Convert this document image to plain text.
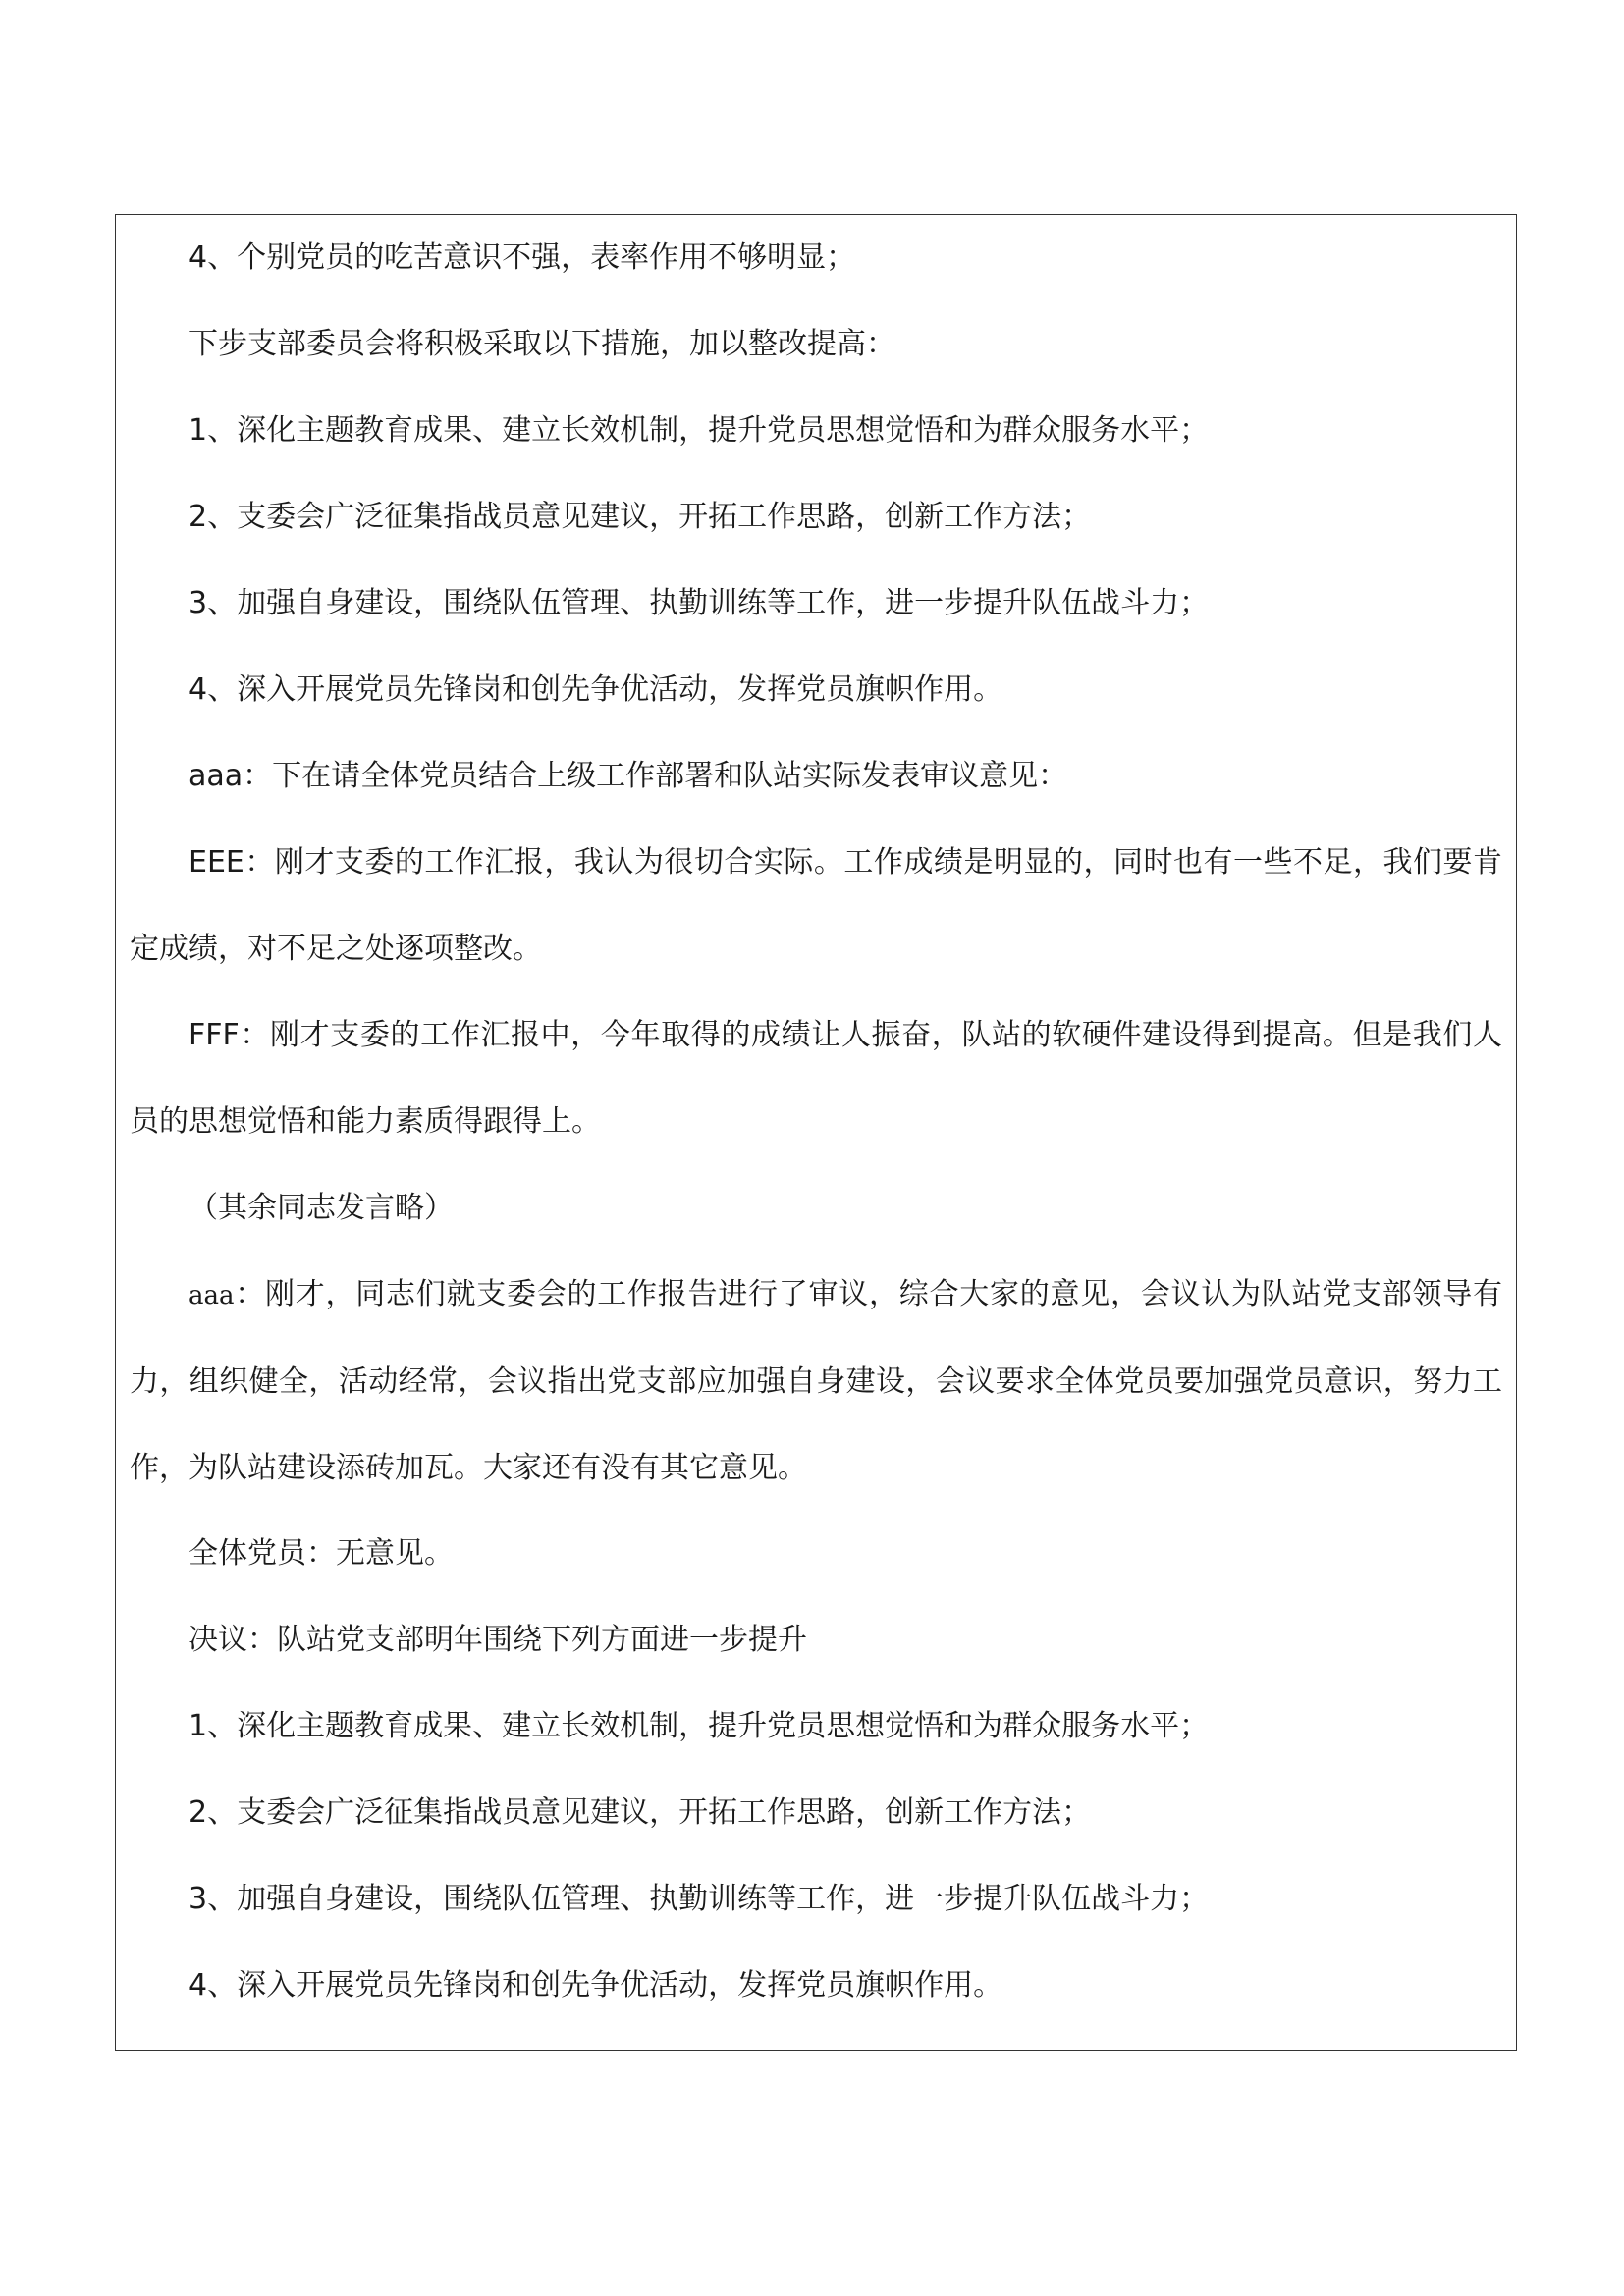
4、个别党员的吃苦意识不强，表率作用不够明显；

下步支部委员会将积极采取以下措施，加以整改提高：

1、深化主题教育成果、建立长效机制，提升党员思想觉悟和为群众服务水平；

2、支委会广泛征集指战员意见建议，开拓工作思路，创新工作方法；

3、加强自身建设，围绕队伍管理、执勤训练等工作，进一步提升队伍战斗力；

4、深入开展党员先锋岗和创先争优活动，发挥党员旗帜作用。

aaa：下在请全体党员结合上级工作部署和队站实际发表审议意见：

EEE：刚才支委的工作汇报，我认为很切合实际。工作成绩是明显的，同时也有一些不足，我们要肯定成绩，对不足之处逐项整改。

FFF：刚才支委的工作汇报中，今年取得的成绩让人振奋，队站的软硬件建设得到提高。但是我们人员的思想觉悟和能力素质得跟得上。

（其余同志发言略）

aaa：刚才，同志们就支委会的工作报告进行了审议，综合大家的意见，会议认为队站党支部领导有力，组织健全，活动经常，会议指出党支部应加强自身建设，会议要求全体党员要加强党员意识，努力工作，为队站建设添砖加瓦。大家还有没有其它意见。

全体党员：无意见。

决议：队站党支部明年围绕下列方面进一步提升

1、深化主题教育成果、建立长效机制，提升党员思想觉悟和为群众服务水平；

2、支委会广泛征集指战员意见建议，开拓工作思路，创新工作方法；

3、加强自身建设，围绕队伍管理、执勤训练等工作，进一步提升队伍战斗力；

4、深入开展党员先锋岗和创先争优活动，发挥党员旗帜作用。
